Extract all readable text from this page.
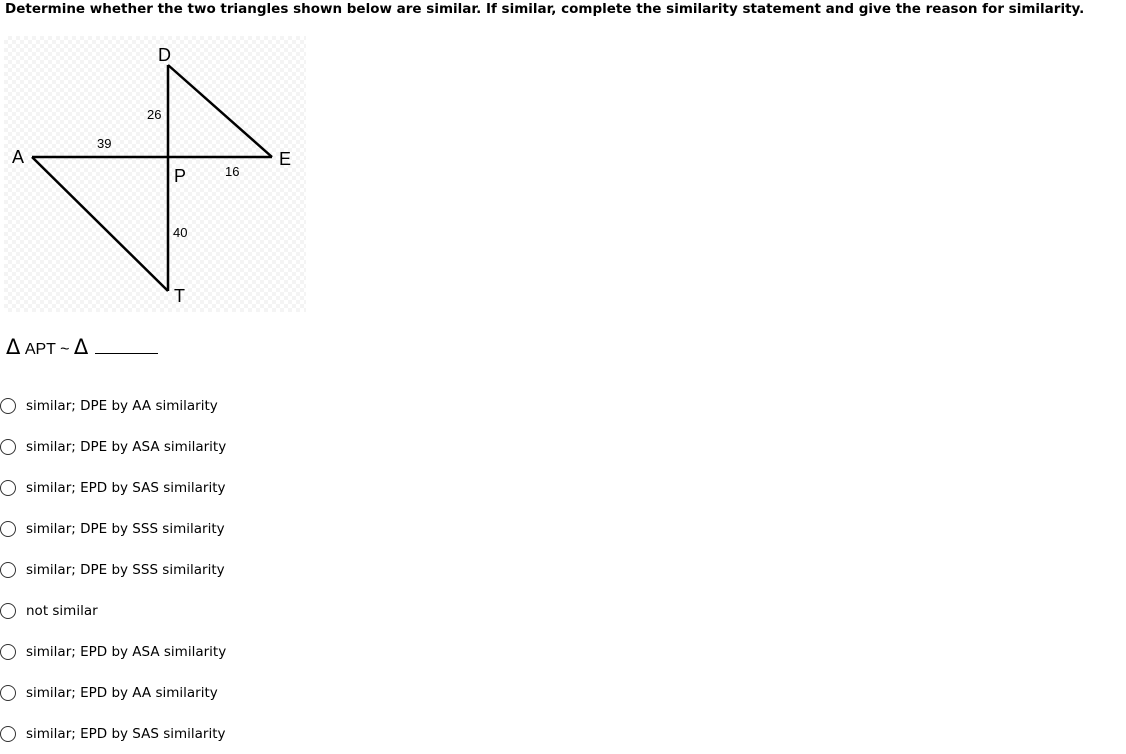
Determine whether the two triangles shown below are similar. If similar, complete the similarity statement and give the reason for similarity.
D
A	E
P
T
26
39
16
40
Δ APT ~ Δ
similar; DPE by AA similarity
similar; DPE by ASA similarity
similar; EPD by SAS similarity
similar; DPE by SSS similarity
similar; DPE by SSS similarity
not similar
similar; EPD by ASA similarity
similar; EPD by AA similarity
similar; EPD by SAS similarity
